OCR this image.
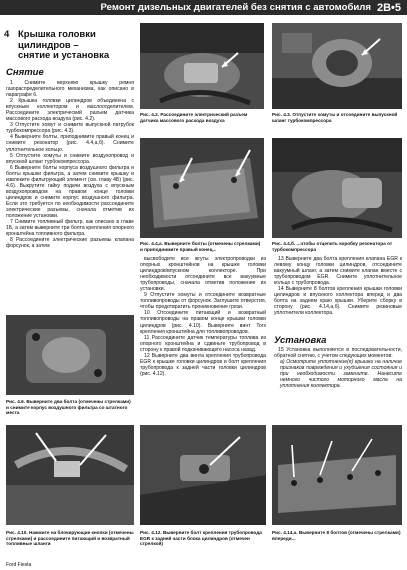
Ремонт дизельных двигателей без снятия с автомобиля 2B•5
4 Крышка головки
цилиндров –
снятие и установка
Снятие

1 Снимите верхнюю крышку ремня газораспределительного механизма, как описано в параграфе 6.

2 Крышка головки цилиндров объединена с впускным коллектором и маслоотделителем. Рассоедините электрический разъем датчика массового расхода воздуха (рис. 4.2).

3 Отпустите хомут и снимите выпускной патрубок турбокомпрессора (рис. 4.3).

4 Выверните болты, приподнимите правый конец и снимите резонатор (рис. 4.4,а,б). Снимите уплотнительное кольцо.

5 Отпустите хомуты и снимите воздухопровод и впускной шланг турбокомпрессора.

6 Выверните болты корпуса воздушного фильтра и болты крышки фильтра, а затем снимите крышку и извлеките фильтрующий элемент (см. главу 4Б) (рис. 4.6). Выкрутите гайку подачи воздуха с впускным воздухопроводом на правом конце головки цилиндров и снимите корпус воздушного фильтра. Если это требуется по необходимости рассоедините электрические разъемы, сначала отметив их положение установки.

7 Снимите топливный фильтр, как описано в главе 1Б, а затем выверните три болта крепления опорного кронштейна топливного фильтра.

8 Рассоедините электрические разъемы клапана форсунок, а затем

Рис. 4.2. Рассоедините электрический разъем датчика массового расхода воздуха
Рис. 4.3. Отпустите хомуты и отсоедините выпускной шланг турбокомпрессора
Рис. 4.4,а. Выверните болты (отмечены стрелками) и приподнимите правый конец...
Рис. 4.4,б. ...чтобы отцепить коробку резонатора от турбокомпрессора

высвободите все жгуты электропроводки из опорных кронштейнов на крышке головки цилиндров/впускном коллекторе. При необходимости отсоедините все вакуумные трубопроводы, сначала отметив положение их установки.

9 Отпустите хомуты и отсоедините возвратные топливопроводы от форсунок. Заглушите отверстия, чтобы предотвратить проникновение грязи.

10 Отсоедините питающий и возвратный топливопроводы на правом конце крышки головки цилиндров (рис. 4.10). Выверните винт Torx крепления кронштейна для топливопроводов.

11 Рассоедините датчик температуры топлива из опорного кронштейна и сдвиньте трубопровод в сторону к правой подкачивающего насоса назад.

12 Выверните два винта крепления трубопровода EGR к крышке головки цилиндров и болт крепления трубопровода к задней части головки цилиндров (рис. 4.12).

13 Выверните два болта крепления клапана EGR к левому концу головки цилиндров, отсоедините вакуумный шланг, а затем снимите клапан вместе с трубопроводом EGR. Снимите уплотнительное кольцо с трубопровода.

14 Выверните 8 болтов крепления крышки головки цилиндров и впускного коллектора вперед и два болта на заднем краю крышки. Уберите сборку в сторону (рис. 4.14,а,б). Снимите резиновые уплотнители коллектора.

Установка

15 Установка выполняется в последовательности, обратной снятию, с учетом следующих моментов:

a) Осмотрите уплотнение(я) крышки на наличие признаков повреждения и ухудшения состояния и при необходимости замените. Нанесите немного чистого моторного масла на уплотнения коллектора.

Рис. 4.6. Выверните два болта (отмечены стрелками) и снимите корпус воздушного фильтра со штатного места
Рис. 4.10. Нажмите на блокирующие кнопки (отмечены стрелками) и рассоедините питающий и возвратный топливные шланги
Рис. 4.12. Выверните болт крепления трубопровода EGR к задней части блока цилиндров (отмечен стрелкой)
Рис. 4.14,а. Выверните 8 болтов (отмечены стрелками) впереди...
Ford Fiesta
